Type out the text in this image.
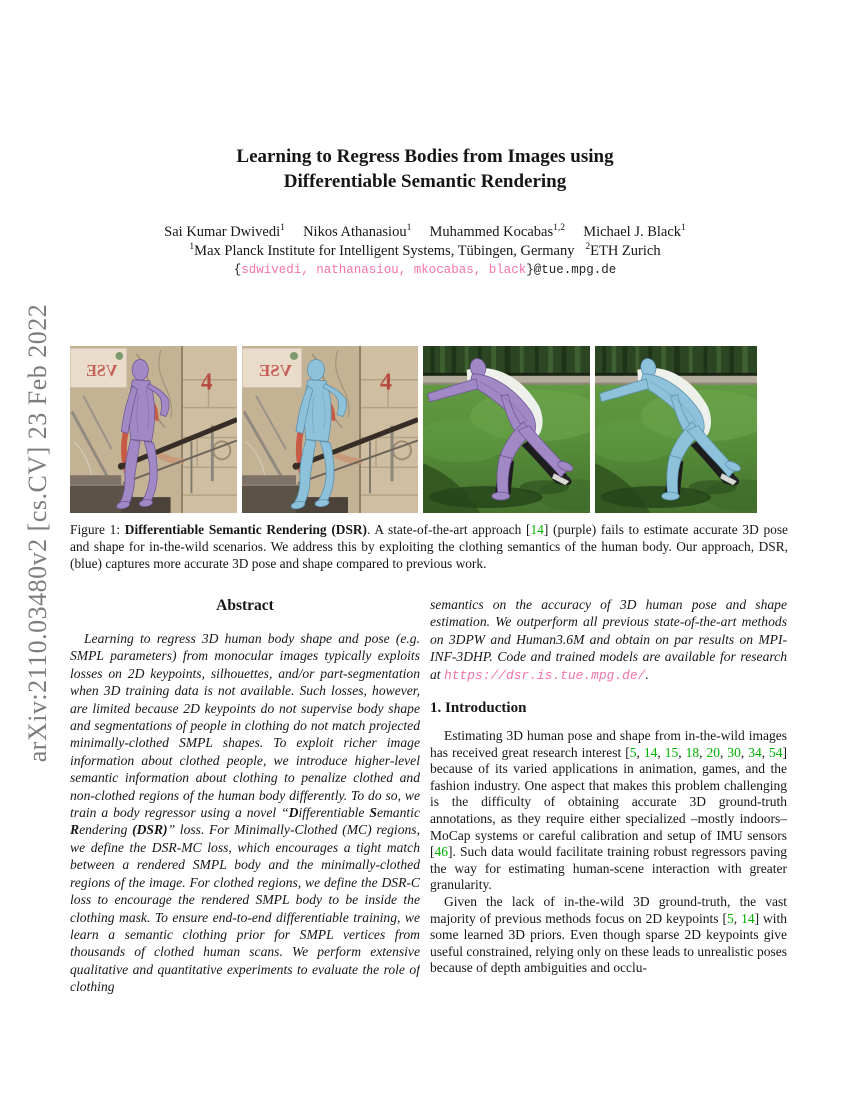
arXiv:2110.03480v2 [cs.CV] 23 Feb 2022
Learning to Regress Bodies from Images using
Differentiable Semantic Rendering
Sai Kumar Dwivedi$^1$ Nikos Athanasiou$^1$ Muhammed Kocabas$^{1,2}$ Michael J. Black$^1$
$^1$Max Planck Institute for Intelligent Systems, Tübingen, Germany $^2$ETH Zurich
{sdwivedi, nathanasiou, mkocabas, black}@tue.mpg.de
Figure 1: Differentiable Semantic Rendering (DSR). A state-of-the-art approach [14] (purple) fails to estimate accurate 3D pose and shape for in-the-wild scenarios. We address this by exploiting the clothing semantics of the human body. Our approach, DSR, (blue) captures more accurate 3D pose and shape compared to previous work.
Abstract

Learning to regress 3D human body shape and pose (e.g. SMPL parameters) from monocular images typically exploits losses on 2D keypoints, silhouettes, and/or part-segmentation when 3D training data is not available. Such losses, however, are limited because 2D keypoints do not supervise body shape and segmentations of people in clothing do not match projected minimally-clothed SMPL shapes. To exploit richer image information about clothed people, we introduce higher-level semantic information about clothing to penalize clothed and non-clothed regions of the human body differently. To do so, we train a body regressor using a novel “Differentiable Semantic Rendering (DSR)” loss. For Minimally-Clothed (MC) regions, we define the DSR-MC loss, which encourages a tight match between a rendered SMPL body and the minimally-clothed regions of the image. For clothed regions, we define the DSR-C loss to encourage the rendered SMPL body to be inside the clothing mask. To ensure end-to-end differentiable training, we learn a semantic clothing prior for SMPL vertices from thousands of clothed human scans. We perform extensive qualitative and quantitative experiments to evaluate the role of clothing

semantics on the accuracy of 3D human pose and shape estimation. We outperform all previous state-of-the-art methods on 3DPW and Human3.6M and obtain on par results on MPI-INF-3DHP. Code and trained models are available for research at https://dsr.is.tue.mpg.de/.

1. Introduction

Estimating 3D human pose and shape from in-the-wild images has received great research interest [5, 14, 15, 18, 20, 30, 34, 54] because of its varied applications in animation, games, and the fashion industry. One aspect that makes this problem challenging is the difficulty of obtaining accurate 3D ground-truth annotations, as they require either specialized –mostly indoors– MoCap systems or careful calibration and setup of IMU sensors [46]. Such data would facilitate training robust regressors paving the way for estimating human-scene interaction with greater granularity.

Given the lack of in-the-wild 3D ground-truth, the vast majority of previous methods focus on 2D keypoints [5, 14] with some learned 3D priors. Even though sparse 2D keypoints give useful constrained, relying only on these leads to unrealistic poses because of depth ambiguities and occlu-
